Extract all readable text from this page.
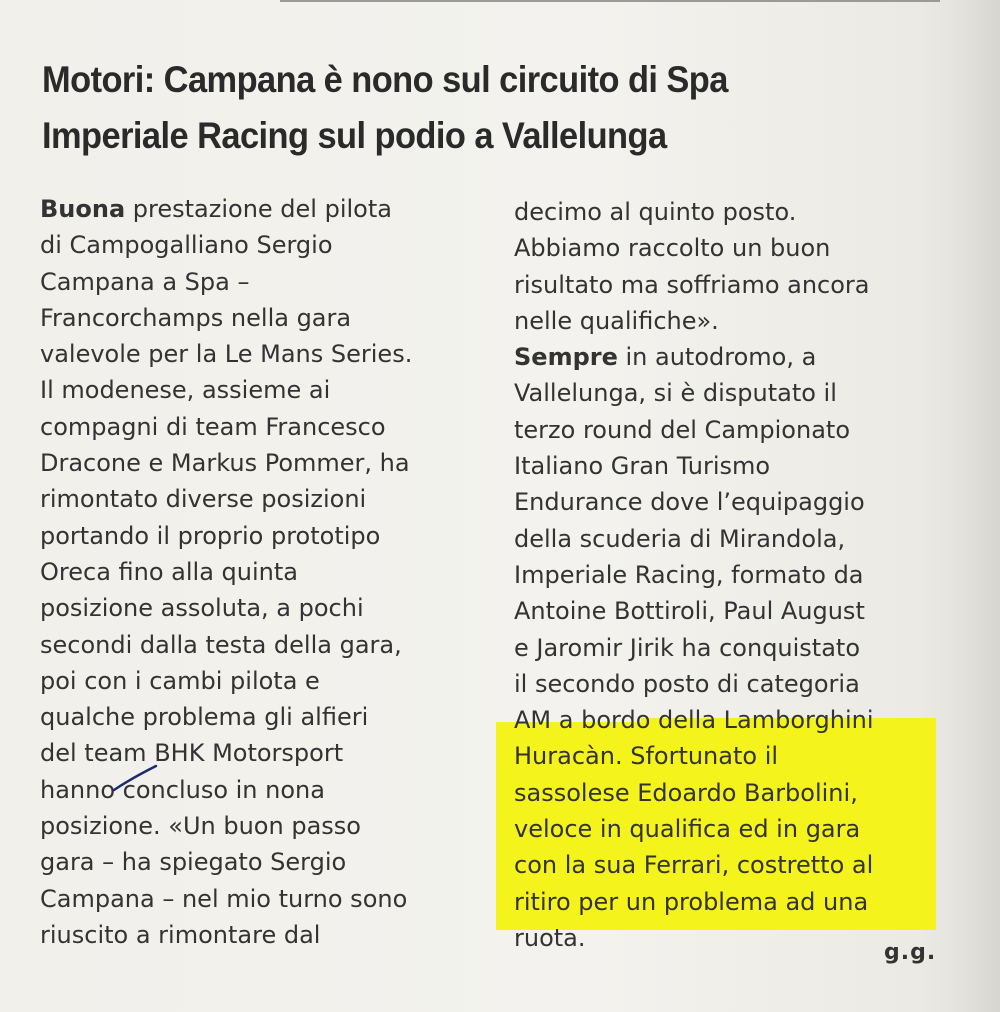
Motori: Campana è nono sul circuito di Spa
Imperiale Racing sul podio a Vallelunga
Buona prestazione del pilota
di Campogalliano Sergio
Campana a Spa –
Francorchamps nella gara
valevole per la Le Mans Series.
Il modenese, assieme ai
compagni di team Francesco
Dracone e Markus Pommer, ha
rimontato diverse posizioni
portando il proprio prototipo
Oreca fino alla quinta
posizione assoluta, a pochi
secondi dalla testa della gara,
poi con i cambi pilota e
qualche problema gli alfieri
del team BHK Motorsport
hanno concluso in nona
posizione. «Un buon passo
gara – ha spiegato Sergio
Campana – nel mio turno sono
riuscito a rimontare dal
decimo al quinto posto.
Abbiamo raccolto un buon
risultato ma soffriamo ancora
nelle qualifiche».
Sempre in autodromo, a
Vallelunga, si è disputato il
terzo round del Campionato
Italiano Gran Turismo
Endurance dove l’equipaggio
della scuderia di Mirandola,
Imperiale Racing, formato da
Antoine Bottiroli, Paul August
e Jaromir Jirik ha conquistato
il secondo posto di categoria
AM a bordo della Lamborghini
Huracàn. Sfortunato il
sassolese Edoardo Barbolini,
veloce in qualifica ed in gara
con la sua Ferrari, costretto al
ritiro per un problema ad una
ruota.
g.g.
